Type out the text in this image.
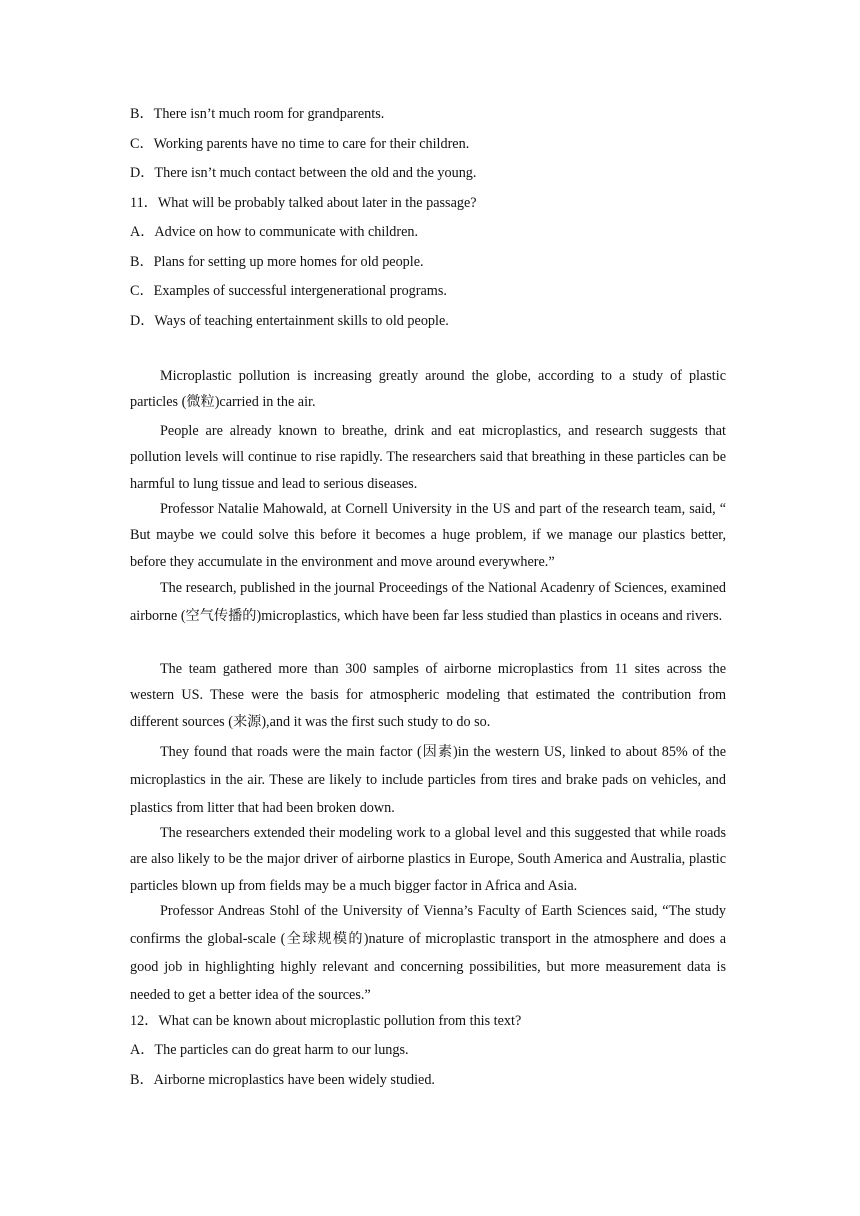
B．There isn’t much room for grandparents.

C．Working parents have no time to care for their children.

D．There isn’t much contact between the old and the young.

11．What will be probably talked about later in the passage?

A．Advice on how to communicate with children.

B．Plans for setting up more homes for old people.

C．Examples of successful intergenerational programs.

D．Ways of teaching entertainment skills to old people.

Microplastic pollution is increasing greatly around the globe, according to a study of plastic particles (微粒)carried in the air.

People are already known to breathe, drink and eat microplastics, and research suggests that pollution levels will continue to rise rapidly. The researchers said that breathing in these particles can be harmful to lung tissue and lead to serious diseases.

Professor Natalie Mahowald, at Cornell University in the US and part of the research team, said, “ But maybe we could solve this before it becomes a huge problem, if we manage our plastics better, before they accumulate in the environment and move around everywhere.”

The research, published in the journal Proceedings of the National Acadenry of Sciences, examined airborne (空气传播的)microplastics, which have been far less studied than plastics in oceans and rivers.

The team gathered more than 300 samples of airborne microplastics from 11 sites across the western US. These were the basis for atmospheric modeling that estimated the contribution from different sources (来源),and it was the first such study to do so.

They found that roads were the main factor (因素)in the western US, linked to about 85% of the microplastics in the air. These are likely to include particles from tires and brake pads on vehicles, and plastics from litter that had been broken down.

The researchers extended their modeling work to a global level and this suggested that while roads are also likely to be the major driver of airborne plastics in Europe, South America and Australia, plastic particles blown up from fields may be a much bigger factor in Africa and Asia.

Professor Andreas Stohl of the University of Vienna’s Faculty of Earth Sciences said, “The study confirms the global-scale (全球规模的)nature of microplastic transport in the atmosphere and does a good job in highlighting highly relevant and concerning possibilities, but more measurement data is needed to get a better idea of the sources.”

12．What can be known about microplastic pollution from this text?

A．The particles can do great harm to our lungs.

B．Airborne microplastics have been widely studied.
